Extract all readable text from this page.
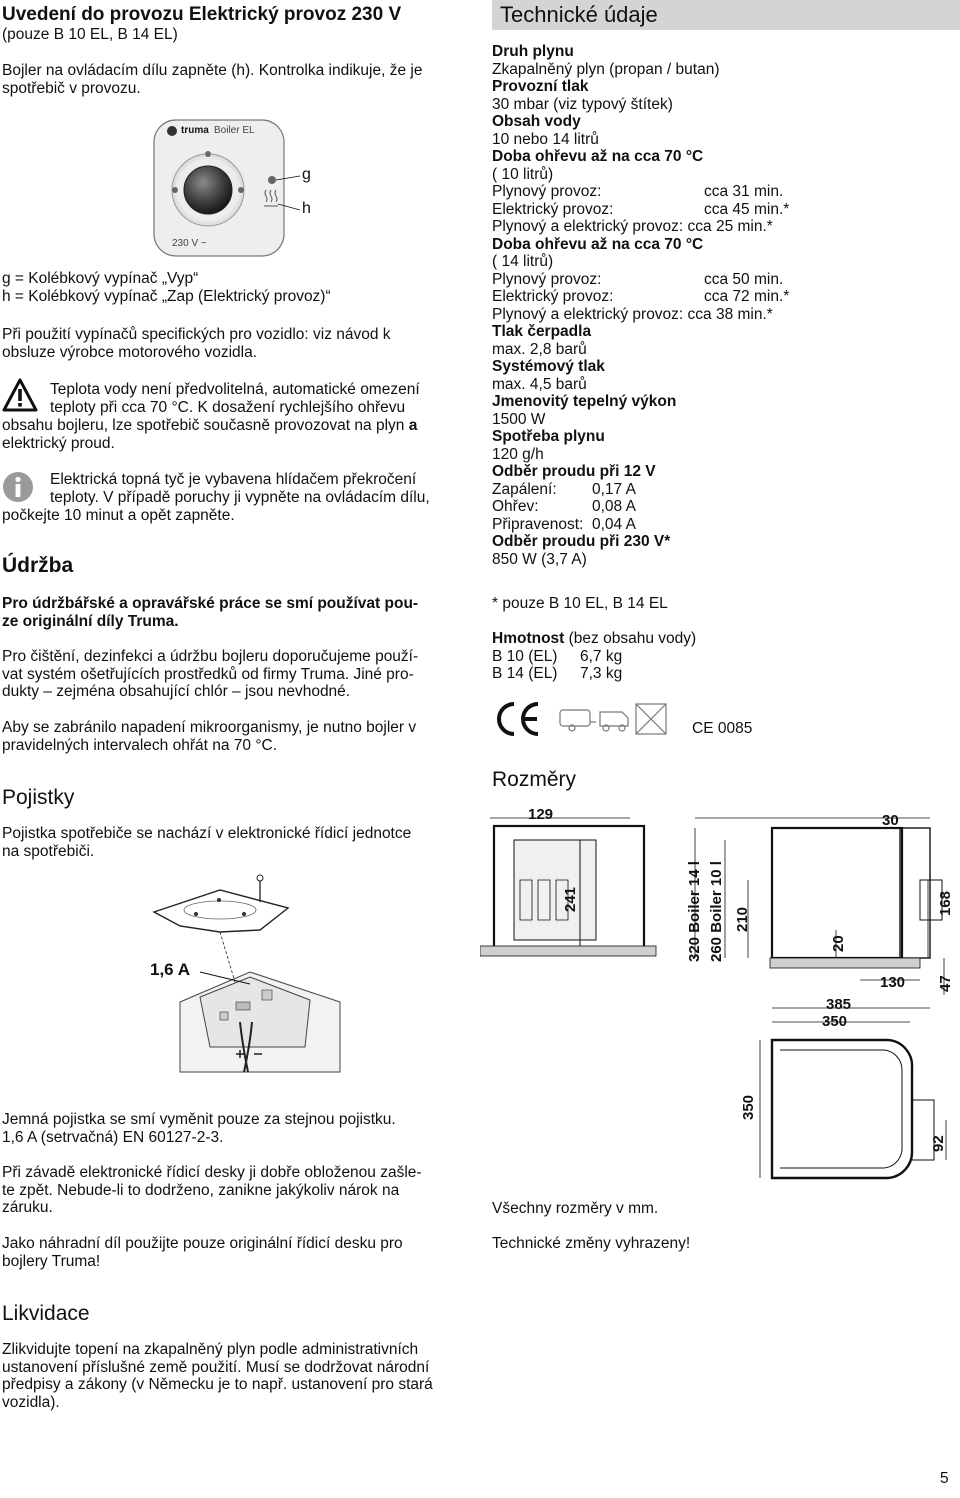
Uvedení do provozu Elektrický provoz 230 V
(pouze B 10 EL, B 14 EL)
Bojler na ovládacím dílu zapněte (h). Kontrolka indikuje, že je
spotřebič v provozu.
truma Boiler EL
230 V ~
g
h
g = Kolébkový vypínač „Vyp“
h = Kolébkový vypínač „Zap (Elektrický provoz)“
Při použití vypínačů specifických pro vozidlo: viz návod k
obsluze výrobce motorového vozidla.
Teplota vody není předvolitelná, automatické omezení
teploty při cca 70 °C. K dosažení rychlejšího ohřevu
obsahu bojleru, lze spotřebič současně provozovat na plyn a
elektrický proud.
Elektrická topná tyč je vybavena hlídačem překročení
teploty. V případě poruchy ji vypněte na ovládacím dílu,
počkejte 10 minut a opět zapněte.
Údržba
Pro údržbářské a opravářské práce se smí používat pou-
ze originální díly Truma.
Pro čištění, dezinfekci a údržbu bojleru doporučujeme použí-
vat systém ošetřujících prostředků od firmy Truma. Jiné pro-
dukty – zejména obsahující chlór – jsou nevhodné.
Aby se zabránilo napadení mikroorganismy, je nutno bojler v
pravidelných intervalech ohřát na 70 °C.
Pojistky
Pojistka spotřebiče se nachází v elektronické řídicí jednotce
na spotřebiči.
1,6 A
Jemná pojistka se smí vyměnit pouze za stejnou pojistku.
1,6 A (setrvačná) EN 60127-2-3.
Při závadě elektronické řídicí desky ji dobře obloženou zašle-
te zpět. Nebude-li to dodrženo, zanikne jakýkoliv nárok na
záruku.
Jako náhradní díl použijte pouze originální řídicí desku pro
bojlery Truma!
Likvidace
Zlikvidujte topení na zkapalněný plyn podle administrativních
ustanovení příslušné země použití. Musí se dodržovat národní
předpisy a zákony (v Německu je to např. ustanovení pro stará
vozidla).
Technické údaje
Druh plynu
Zkapalněný plyn (propan / butan)
Provozní tlak
30 mbar (viz typový štítek)
Obsah vody
10 nebo 14 litrů
Doba ohřevu až na cca 70 °C
( 10 litrů)
Plynový provoz:	cca 31 min.
Elektrický provoz:	cca 45 min.*
Plynový a elektrický provoz: cca 25 min.*
Doba ohřevu až na cca 70 °C
( 14 litrů)
Plynový provoz:	cca 50 min.
Elektrický provoz:	cca 72 min.*
Plynový a elektrický provoz: cca 38 min.*
Tlak čerpadla
max. 2,8 barů
Systémový tlak
max. 4,5 barů
Jmenovitý tepelný výkon
1500 W
Spotřeba plynu
120 g/h
Odběr proudu při 12 V
Zapálení:	0,17 A
Ohřev:	0,08 A
Připravenost: 0,04 A
Odběr proudu při 230 V*
850 W (3,7 A)
* pouze B 10 EL, B 14 EL
Hmotnost (bez obsahu vody)
B 10 (EL)	6,7 kg
B 14 (EL)	7,3 kg
CE 0085
Rozměry
129	30
241	320 Boiler 14 l 260 Boiler 10 l 210
168
20
130 47
385
350
350
92
Všechny rozměry v mm.
Technické změny vyhrazeny!
5
